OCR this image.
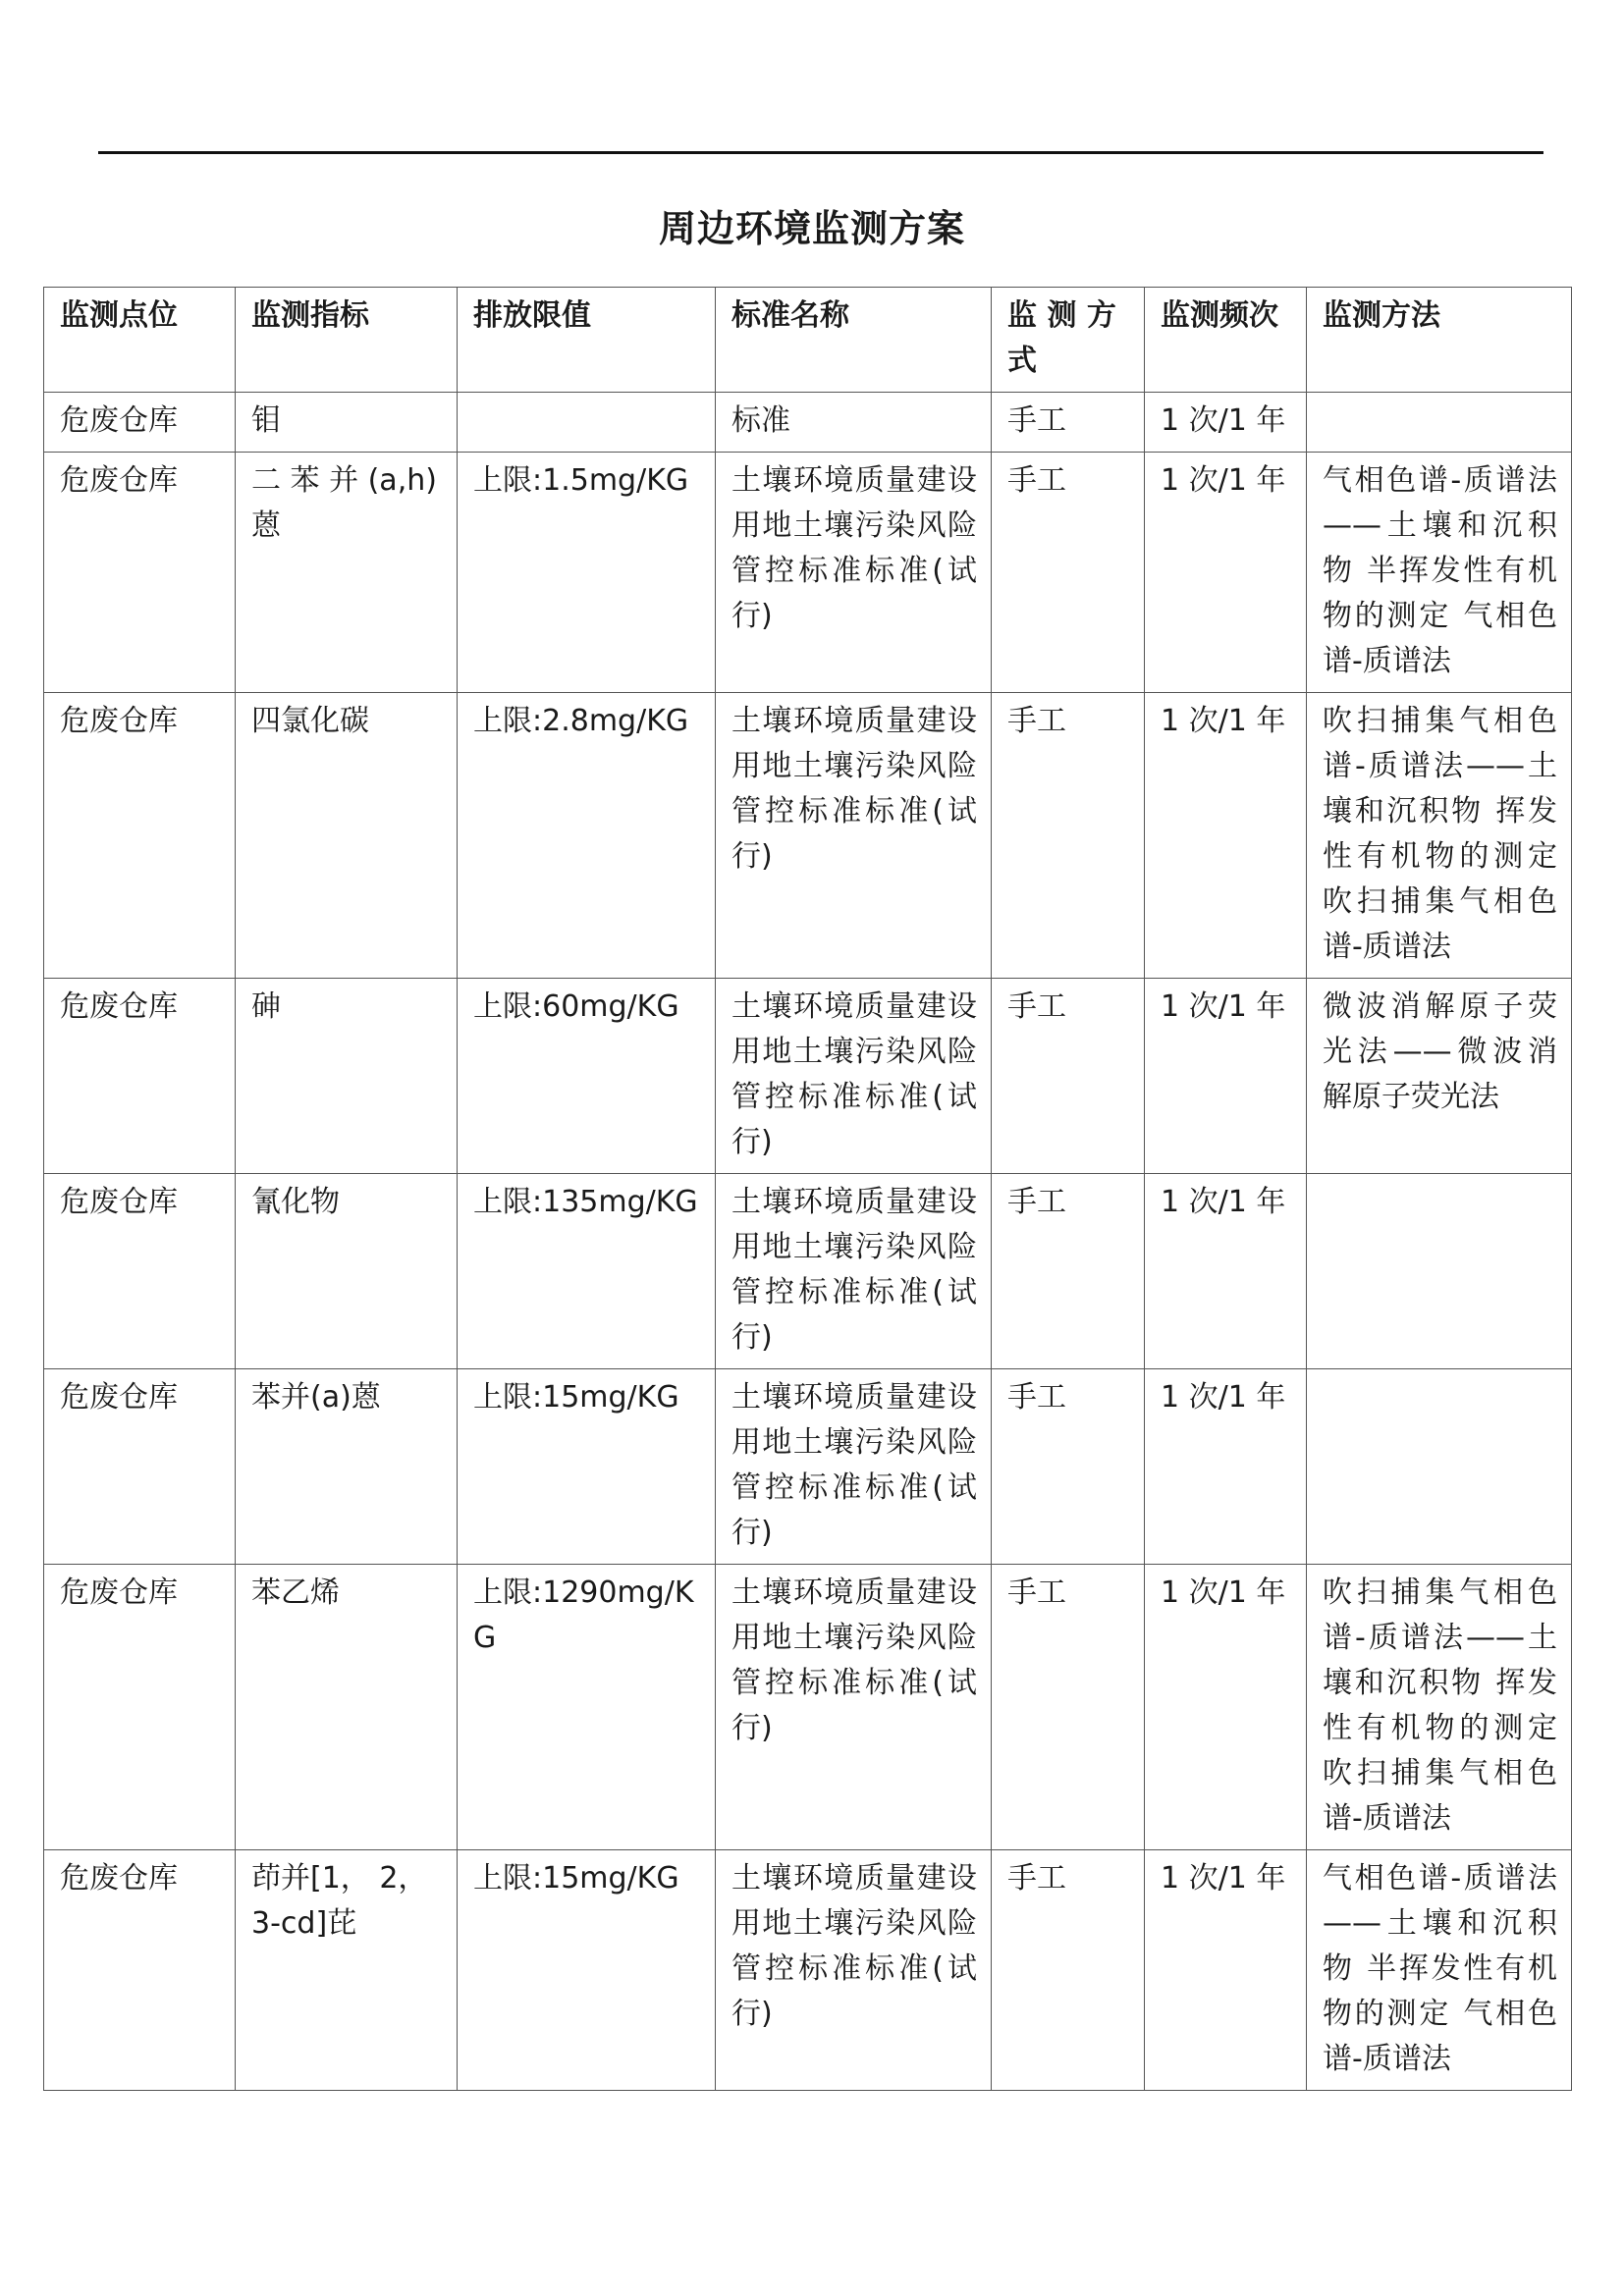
周边环境监测方案
监测点位	监测指标	排放限值	标准名称	监 测 方 式	监测频次	监测方法
危废仓库	钼		标准	手工	1 次/1 年	
危废仓库	二 苯 并 (a,h) 蒽	上限:1.5mg/KG	土壤环境质量建设用地土壤污染风险管控标准标准(试行)	手工	1 次/1 年	气相色谱-质谱法——土壤和沉积物 半挥发性有机物的测定 气相色谱-质谱法
危废仓库	四氯化碳	上限:2.8mg/KG	土壤环境质量建设用地土壤污染风险管控标准标准(试行)	手工	1 次/1 年	吹扫捕集气相色谱-质谱法——土壤和沉积物 挥发性有机物的测定 吹扫捕集气相色谱-质谱法
危废仓库	砷	上限:60mg/KG	土壤环境质量建设用地土壤污染风险管控标准标准(试行)	手工	1 次/1 年	微波消解原子荧光法——微波消解原子荧光法
危废仓库	氰化物	上限:135mg/KG	土壤环境质量建设用地土壤污染风险管控标准标准(试行)	手工	1 次/1 年	
危废仓库	苯并(a)蒽	上限:15mg/KG	土壤环境质量建设用地土壤污染风险管控标准标准(试行)	手工	1 次/1 年	
危废仓库	苯乙烯	上限:1290mg/KG	土壤环境质量建设用地土壤污染风险管控标准标准(试行)	手工	1 次/1 年	吹扫捕集气相色谱-质谱法——土壤和沉积物 挥发性有机物的测定 吹扫捕集气相色谱-质谱法
危废仓库	茚并[1， 2， 3-cd]芘	上限:15mg/KG	土壤环境质量建设用地土壤污染风险管控标准标准(试行)	手工	1 次/1 年	气相色谱-质谱法——土壤和沉积物 半挥发性有机物的测定 气相色谱-质谱法
